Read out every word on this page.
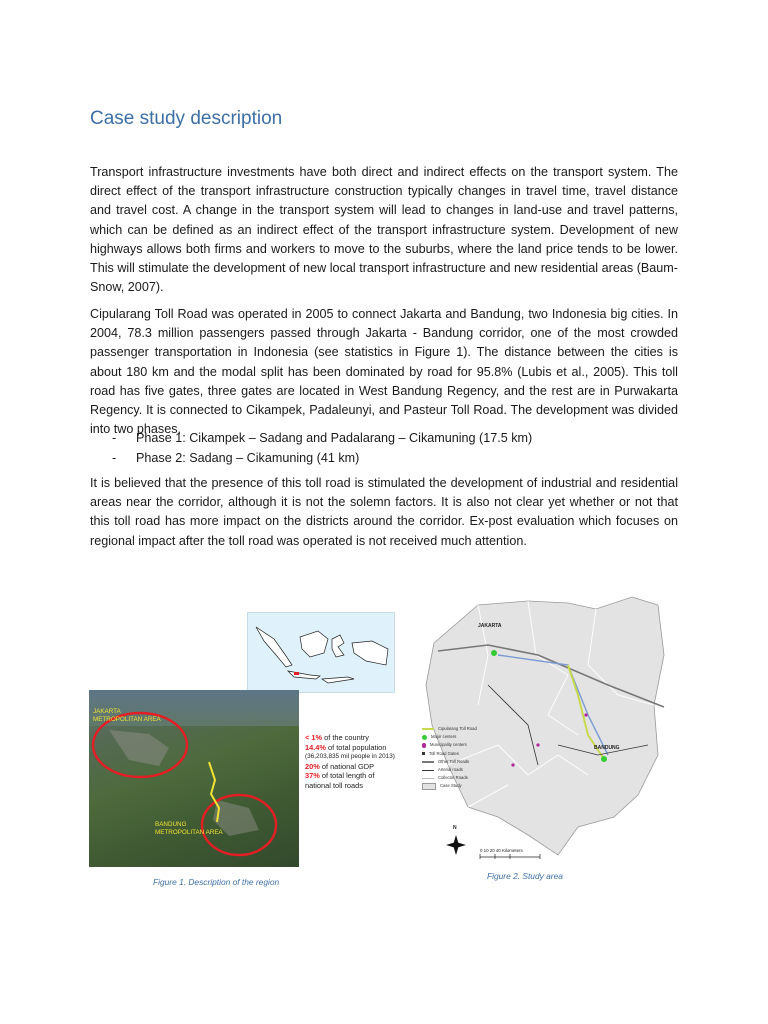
Case study description

Transport infrastructure investments have both direct and indirect effects on the transport system. The direct effect of the transport infrastructure construction typically changes in travel time, travel distance and travel cost. A change in the transport system will lead to changes in land-use and travel patterns, which can be defined as an indirect effect of the transport infrastructure system. Development of new highways allows both firms and workers to move to the suburbs, where the land price tends to be lower. This will stimulate the development of new local transport infrastructure and new residential areas (Baum-Snow, 2007).

Cipularang Toll Road was operated in 2005 to connect Jakarta and Bandung, two Indonesia big cities. In 2004, 78.3 million passengers passed through Jakarta - Bandung corridor, one of the most crowded passenger transportation in Indonesia (see statistics in Figure 1). The distance between the cities is about 180 km and the modal split has been dominated by road for 95.8% (Lubis et al., 2005). This toll road has five gates, three gates are located in West Bandung Regency, and the rest are in Purwakarta Regency. It is connected to Cikampek, Padaleunyi, and Pasteur Toll Road. The development was divided into two phases,

- Phase 1: Cikampek – Sadang and Padalarang – Cikamuning (17.5 km)
- Phase 2: Sadang – Cikamuning (41 km)

It is believed that the presence of this toll road is stimulated the development of industrial and residential areas near the corridor, although it is not the solemn factors. It is also not clear yet whether or not that this toll road has more impact on the districts around the corridor. Ex-post evaluation which focuses on regional impact after the toll road was operated is not received much attention.

JAKARTA METROPOLITAN AREA
BANDUNG METROPOLITAN AREA
< 1% of the country
14.4% of total population
(36,203,835 mil people in 2013)
20% of national GDP
37% of total length of national toll roads
Figure 1. Description of the region
JAKARTA
BANDUNG
N
Cipularang Toll Road
Major centers
Municipality centers
Toll Road Gates
Other Toll Roads
Arterial roads
Collector Roads
Case Study
0 10 20 40 Kilometers
Figure 2. Study area
